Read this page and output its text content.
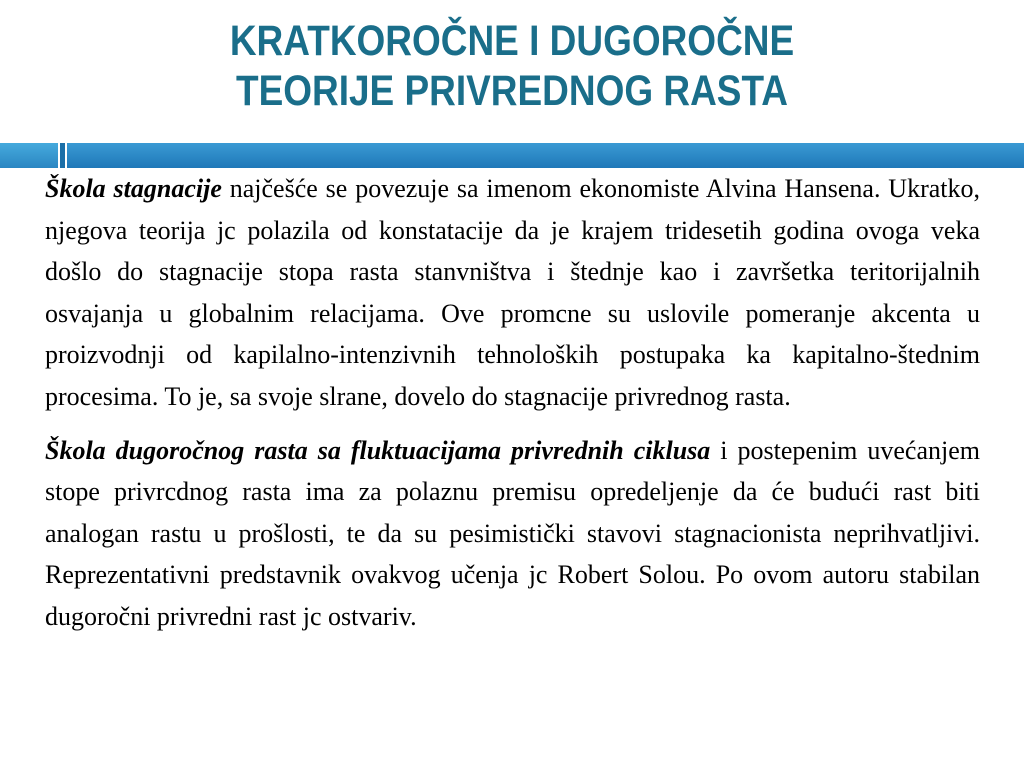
KRATKOROČNE I DUGOROČNE
TEORIJE PRIVREDNOG RASTA

Škola stagnacije najčešće se povezuje sa imenom ekonomiste Alvina Hansena. Ukratko, njegova teorija jc polazila od konstatacije da je krajem tridesetih godina ovoga veka došlo do stagnacije stopa rasta stanvništva i štednje kao i završetka teritorijalnih osvajanja u globalnim relacijama. Ove promcne su uslovile pomeranje akcenta u proizvodnji od kapilalno-intenzivnih tehnoloških postupaka ka kapitalno-štednim procesima. To je, sa svoje slrane, dovelo do stagnacije privrednog rasta.

Škola dugoročnog rasta sa fluktuacijama privrednih ciklusa i postepenim uvećanjem stope privrcdnog rasta ima za polaznu premisu opredeljenje da će budući rast biti analogan rastu u prošlosti, te da su pesimistički stavovi stagnacionista neprihvatljivi. Reprezentativni predstavnik ovakvog učenja jc Robert Solou. Po ovom autoru stabilan dugoročni privredni rast jc ostvariv.
